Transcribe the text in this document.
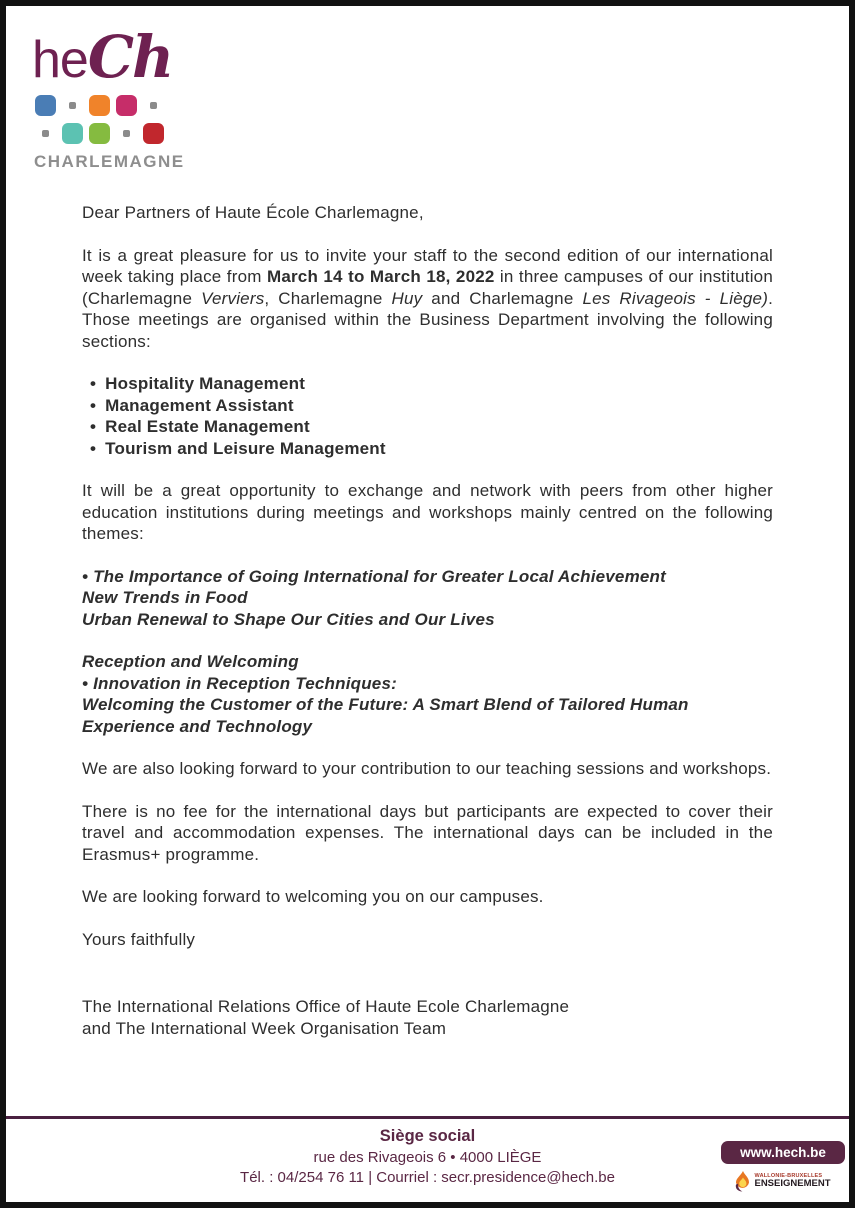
heCh
CHARLEMAGNE

Dear Partners of Haute École Charlemagne,

It is a great pleasure for us to invite your staff to the second edition of our international week taking place from March 14 to March 18, 2022 in three campuses of our institution (Charlemagne Verviers, Charlemagne Huy and Charlemagne Les Rivageois - Liège). Those meetings are organised within the Business Department involving the following sections:

• Hospitality Management
• Management Assistant
• Real Estate Management
• Tourism and Leisure Management

It will be a great opportunity to exchange and network with peers from other higher education institutions during meetings and workshops mainly centred on the following themes:

• The Importance of Going International for Greater Local Achievement
New Trends in Food
Urban Renewal to Shape Our Cities and Our Lives
Reception and Welcoming
• Innovation in Reception Techniques:
Welcoming the Customer of the Future: A Smart Blend of Tailored Human Experience and Technology

We are also looking forward to your contribution to our teaching sessions and workshops.

There is no fee for the international days but participants are expected to cover their travel and accommodation expenses. The international days can be included in the Erasmus+ programme.

We are looking forward to welcoming you on our campuses.

Yours faithfully

The International Relations Office of Haute Ecole Charlemagne
and The International Week Organisation Team
Siège social
rue des Rivageois 6 • 4000 LIÈGE
Tél. : 04/254 76 11 | Courriel : secr.presidence@hech.be
www.hech.be
WALLONIE-BRUXELLES
ENSEIGNEMENT
